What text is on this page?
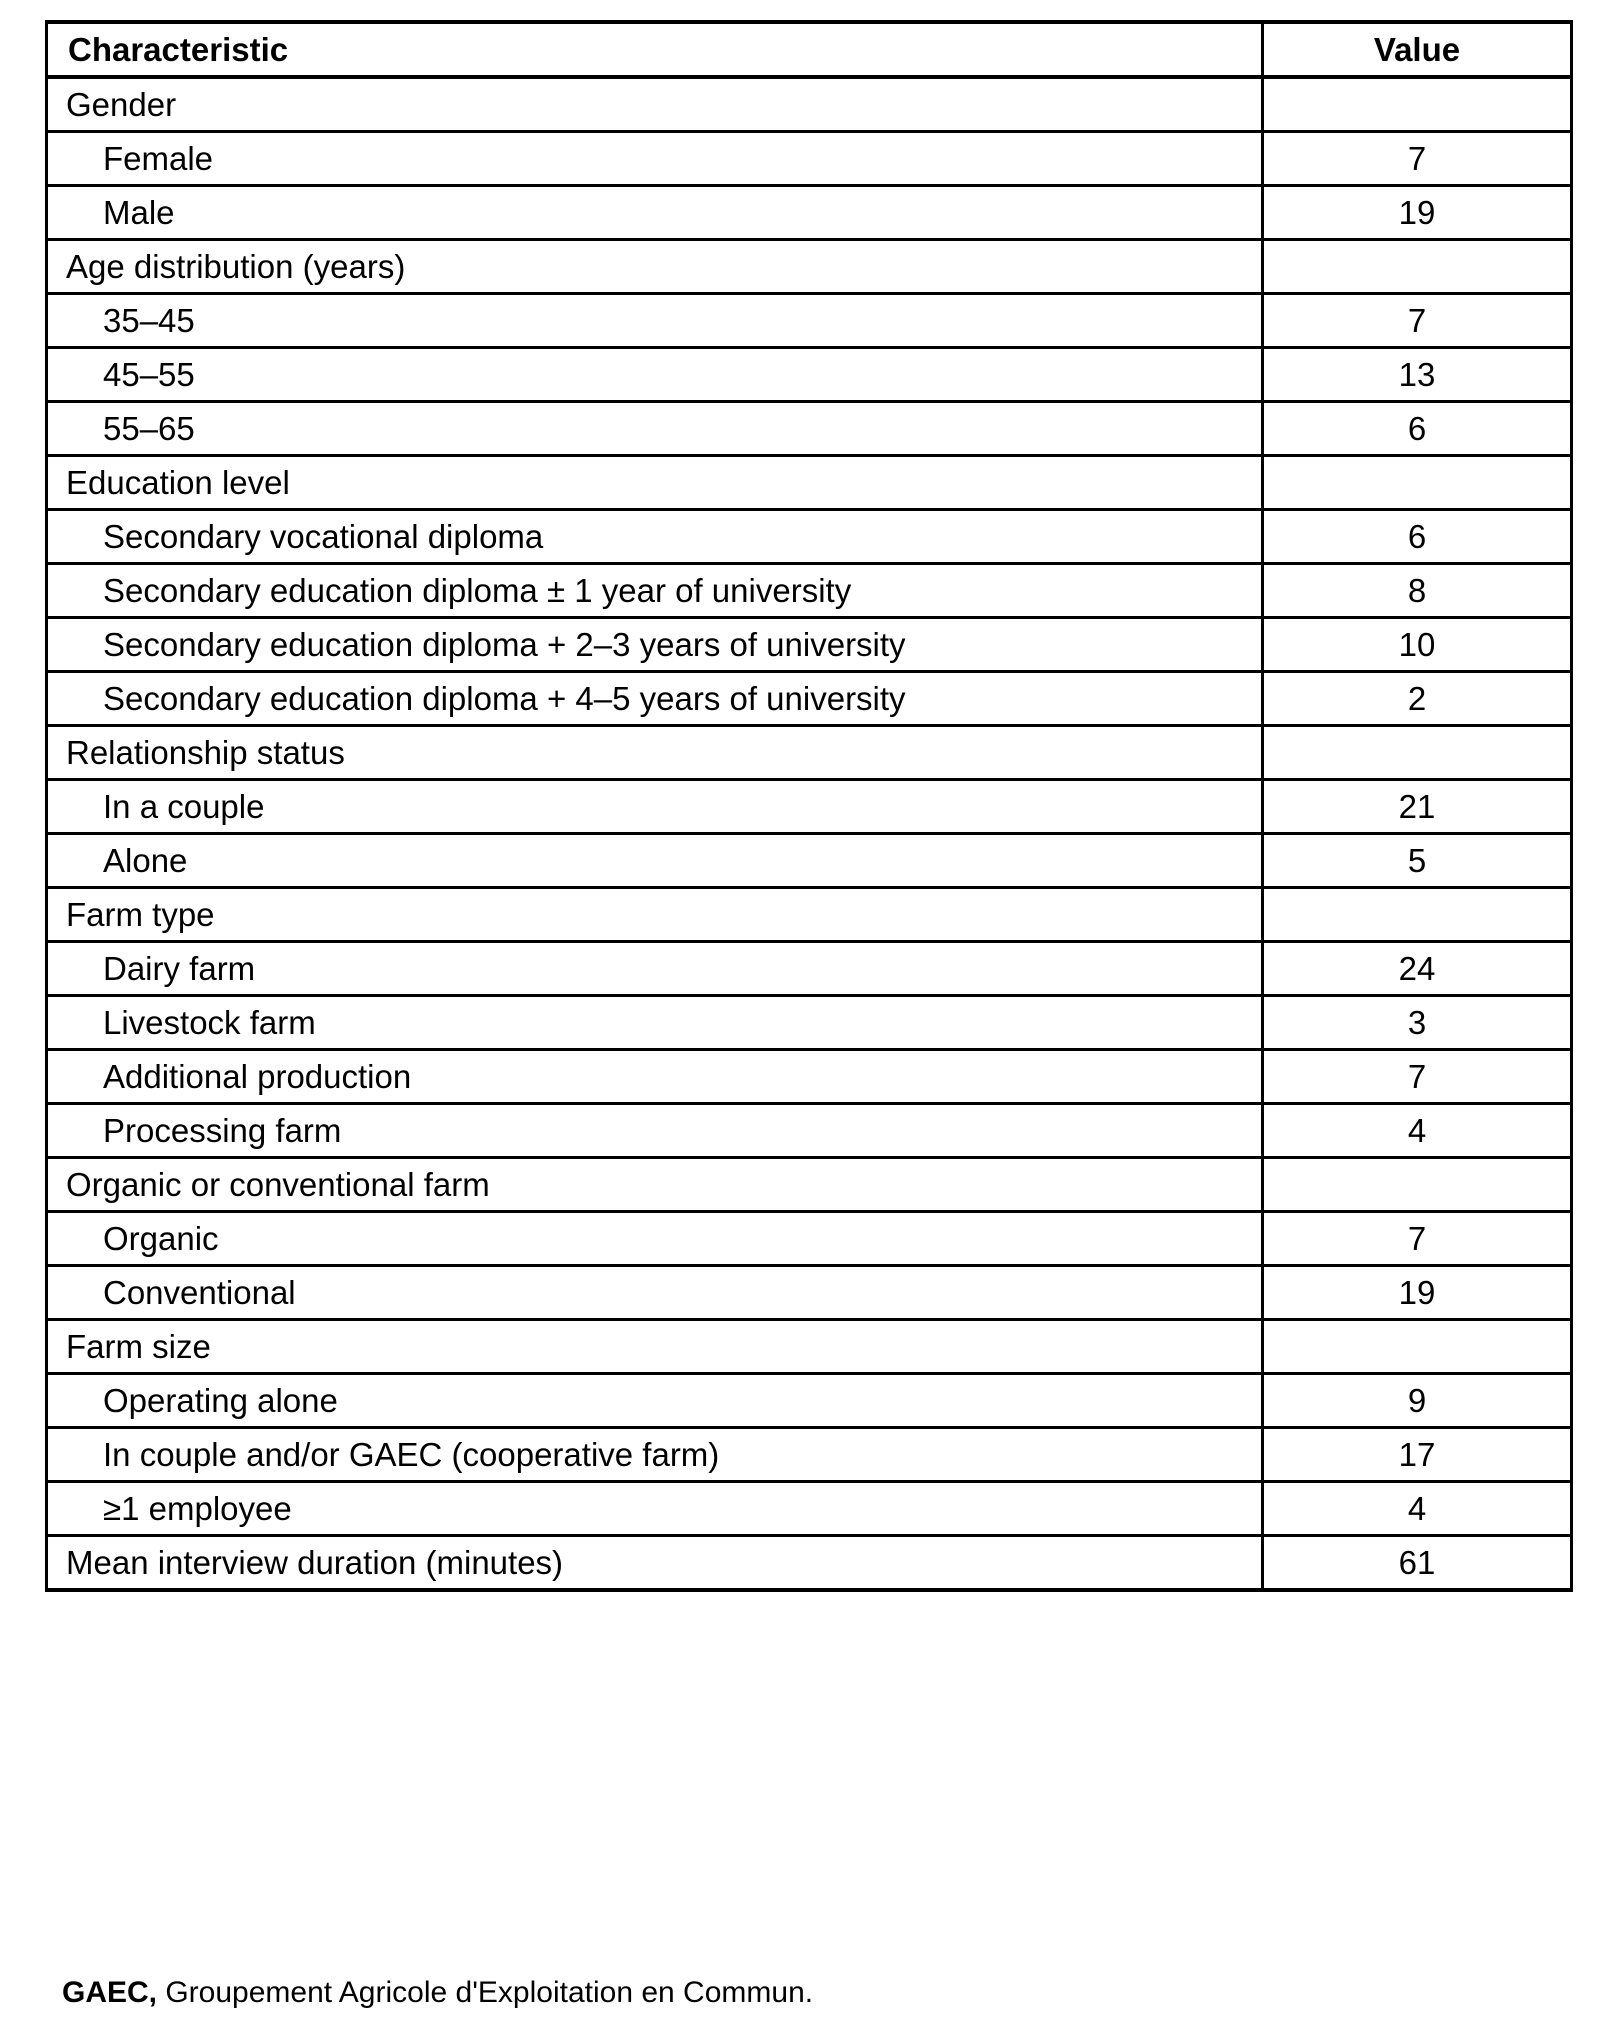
Characteristic	Value
Gender	
Female	7
Male	19
Age distribution (years)	
35–45	7
45–55	13
55–65	6
Education level	
Secondary vocational diploma	6
Secondary education diploma ± 1 year of university	8
Secondary education diploma + 2–3 years of university	10
Secondary education diploma + 4–5 years of university	2
Relationship status	
In a couple	21
Alone	5
Farm type	
Dairy farm	24
Livestock farm	3
Additional production	7
Processing farm	4
Organic or conventional farm	
Organic	7
Conventional	19
Farm size	
Operating alone	9
In couple and/or GAEC (cooperative farm)	17
≥1 employee	4
Mean interview duration (minutes)	61
GAEC, Groupement Agricole d'Exploitation en Commun.
